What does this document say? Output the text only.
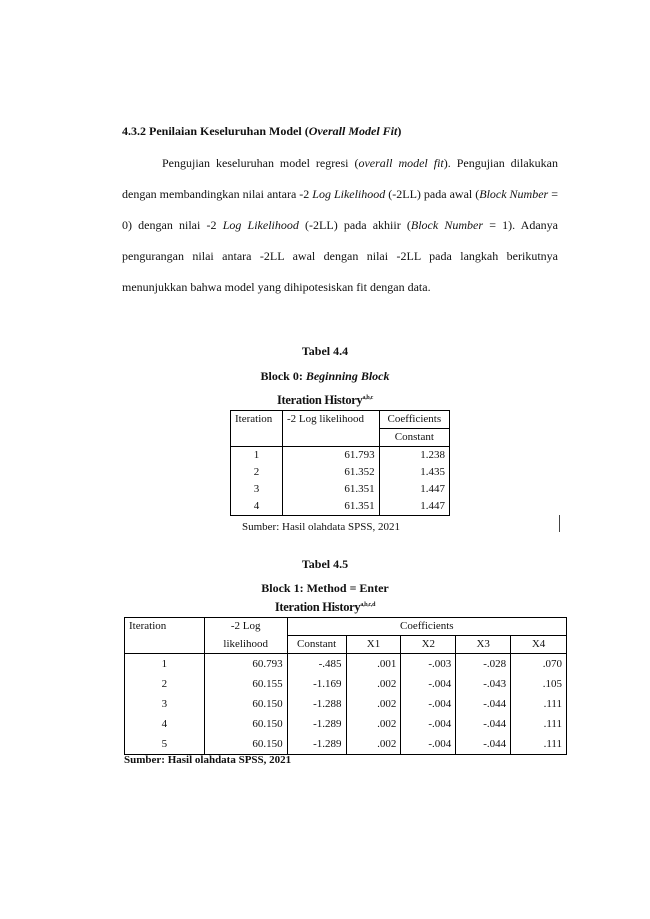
4.3.2 Penilaian Keseluruhan Model (Overall Model Fit)

Pengujian keseluruhan model regresi (overall model fit). Pengujian dilakukan dengan membandingkan nilai antara -2 Log Likelihood (-2LL) pada awal (Block Number = 0) dengan nilai -2 Log Likelihood (-2LL) pada akhiir (Block Number = 1). Adanya pengurangan nilai antara -2LL awal dengan nilai -2LL pada langkah berikutnya menunjukkan bahwa model yang dihipotesiskan fit dengan data.

Tabel 4.4

Block 0: Beginning Block

Iteration History$^{a,b,c}$

Iteration	-2 Log likelihood	Coefficients
		Constant
1	61.793	1.238
2	61.352	1.435
3	61.351	1.447
4	61.351	1.447

Sumber: Hasil olahdata SPSS, 2021

Tabel 4.5

Block 1: Method = Enter

Iteration History$^{a,b,c,d}$

Iteration	-2 Log	Coefficients				
	likelihood	Constant	X1	X2	X3	X4
1	60.793	-.485	.001	-.003	-.028	.070
2	60.155	-1.169	.002	-.004	-.043	.105
3	60.150	-1.288	.002	-.004	-.044	.111
4	60.150	-1.289	.002	-.004	-.044	.111
5	60.150	-1.289	.002	-.004	-.044	.111

Sumber: Hasil olahdata SPSS, 2021
